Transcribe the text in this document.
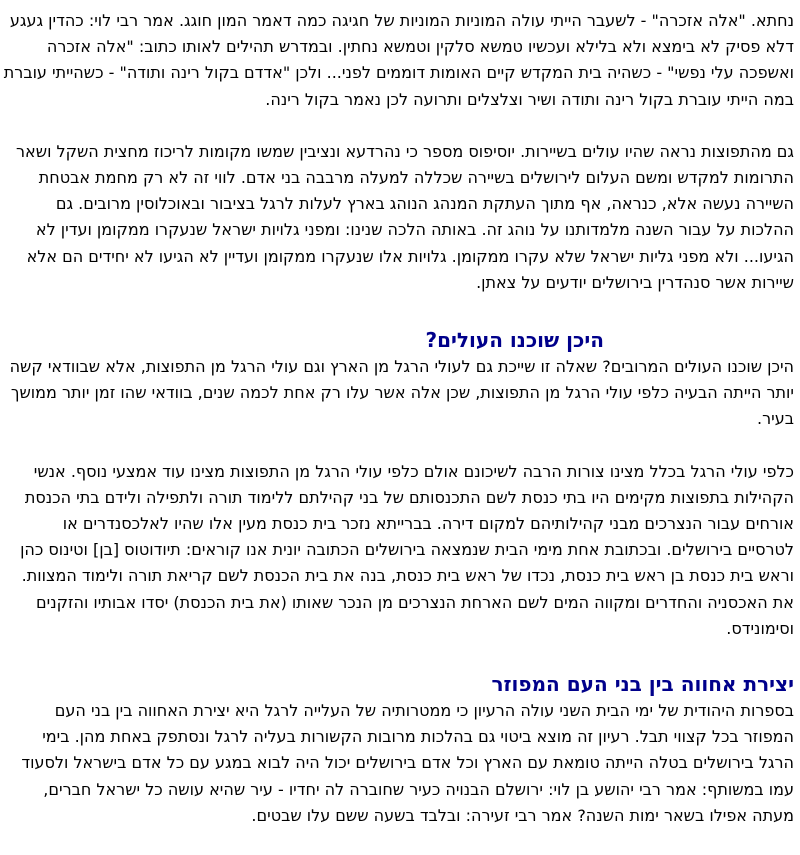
נחתא. "אלה אזכרה" - לשעבר הייתי עולה המוניות המוניות של חגיגה כמה דאמר המון חוגג. אמר רבי לוי: כהדין געגע דלא פסיק לא בימצא ולא בלילא ועכשיו טמשא סלקין וטמשא נחתין. ובמדרש תהילים לאותו כתוב: "אלה אזכרה ואשפכה עלי נפשי" - כשהיה בית המקדש קיים האומות דוממים לפני... ולכן "אדדם בקול רינה ותודה" - כשהייתי עוברת במה הייתי עוברת בקול רינה ותודה ושיר וצלצלים ותרועה לכן נאמר בקול רינה.

גם מהתפוצות נראה שהיו עולים בשיירות. יוסיפוס מספר כי נהרדעא ונציבין שמשו מקומות לריכוז מחצית השקל ושאר התרומות למקדש ומשם העלום לירושלים בשיירה שכללה למעלה מרבבה בני אדם. לווי זה לא רק מחמת אבטחת השיירה נעשה אלא, כנראה, אף מתוך העתקת המנהג הנוהג בארץ לעלות לרגל בציבור ובאוכלוסין מרובים. גם ההלכות על עבור השנה מלמדותנו על נוהג זה. באותה הלכה שנינו: ומפני גלויות ישראל שנעקרו ממקומן ועדין לא הגיעו... ולא מפני גליות ישראל שלא עקרו ממקומן. גלויות אלו שנעקרו ממקומן ועדיין לא הגיעו לא יחידים הם אלא שיירות אשר סנהדרין בירושלים יודעים על צאתן.

היכן שוכנו העולים?

היכן שוכנו העולים המרובים? שאלה זו שייכת גם לעולי הרגל מן הארץ וגם עולי הרגל מן התפוצות, אלא שבוודאי קשה יותר הייתה הבעיה כלפי עולי הרגל מן התפוצות, שכן אלה אשר עלו רק אחת לכמה שנים, בוודאי שהו זמן יותר ממושך בעיר.

כלפי עולי הרגל בכלל מצינו צורות הרבה לשיכונם אולם כלפי עולי הרגל מן התפוצות מצינו עוד אמצעי נוסף. אנשי הקהילות בתפוצות מקימים היו בתי כנסת לשם התכנסותם של בני קהילתם ללימוד תורה ולתפילה ולידם בתי הכנסת אורחים עבור הנצרכים מבני קהילותיהם למקום דירה. בברייתא נזכר בית כנסת מעין אלו שהיו לאלכסנדרים או לטרסיים בירושלים. ובכתובת אחת מימי הבית שנמצאה בירושלים הכתובה יונית אנו קוראים: תיודוטוס [בן] וטינוס כהן וראש בית כנסת בן ראש בית כנסת, נכדו של ראש בית כנסת, בנה את בית הכנסת לשם קריאת תורה ולימוד המצוות. את האכסניה והחדרים ומקווה המים לשם הארחת הנצרכים מן הנכר שאותו (את בית הכנסת) יסדו אבותיו והזקנים וסימונידס.

יצירת אחווה בין בני העם המפוזר

בספרות היהודית של ימי הבית השני עולה הרעיון כי ממטרותיה של העלייה לרגל היא יצירת האחווה בין בני העם המפוזר בכל קצווי תבל. רעיון זה מוצא ביטוי גם בהלכות מרובות הקשורות בעליה לרגל ונסתפק באחת מהן. בימי הרגל בירושלים בטלה הייתה טומאת עם הארץ וכל אדם בירושלים יכול היה לבוא במגע עם כל אדם בישראל ולסעוד עמו במשותף: אמר רבי יהושע בן לוי: ירושלם הבנויה כעיר שחוברה לה יחדיו - עיר שהיא עושה כל ישראל חברים, מעתה אפילו בשאר ימות השנה? אמר רבי זעירה: ובלבד בשעה ששם עלו שבטים.
